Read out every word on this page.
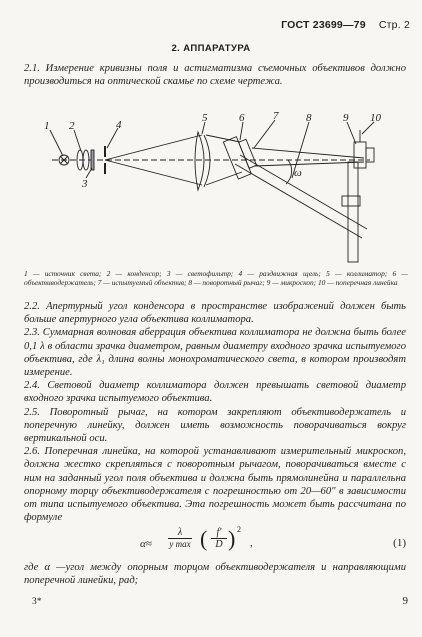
ГОСТ 23699—79 Стр. 2
2. АППАРАТУРА
2.1. Измерение кривизны поля и астигматизма съемочных объективов должно производиться на оптической скамье по схеме чертежа.
1 2
3
4
5	6	7	8	9 10
ω
1 — источник света; 2 — конденсор; 3 — светофильтр; 4 — раздвижная щель; 5 — коллиматор; 6 — объективодержатель; 7 — испытуемый объектив; 8 — поворотный рычаг; 9 — микроскоп; 10 — поперечная линейка
2.2. Апертурный угол конденсора в пространстве изображений должен быть больше апертурного угла объектива коллиматора.
2.3. Суммарная волновая аберрация объектива коллиматора не должна быть более 0,1 λ в области зрачка диаметром, равным диаметру входного зрачка испытуемого объектива, где λ₁ длина волны монохроматического света, в котором производят измерение.
2.4. Световой диаметр коллиматора должен превышать световой диаметр входного зрачка испытуемого объектива.
2.5. Поворотный рычаг, на котором закрепляют объективодержатель и поперечную линейку, должен иметь возможность поворачиваться вокруг вертикальной оси.
2.6. Поперечная линейка, на которой устанавливают измерительный микроскоп, должна жестко скрепляться с поворотным рычагом, поворачиваться вместе с ним на заданный угол поля объектива и должна быть прямолинейна и параллельна опорному торцу объективодержателя с погрешностью от 20—60″ в зависимости от типа испытуемого объектива. Эта погрешность может быть рассчитана по формуле
α≈
λ
y max ( $\frac{f'}{D}$ ) 2
,	(1)
где α —угол между опорным торцом объективодержателя и направляющими поперечной линейки, рад;
3*	9
